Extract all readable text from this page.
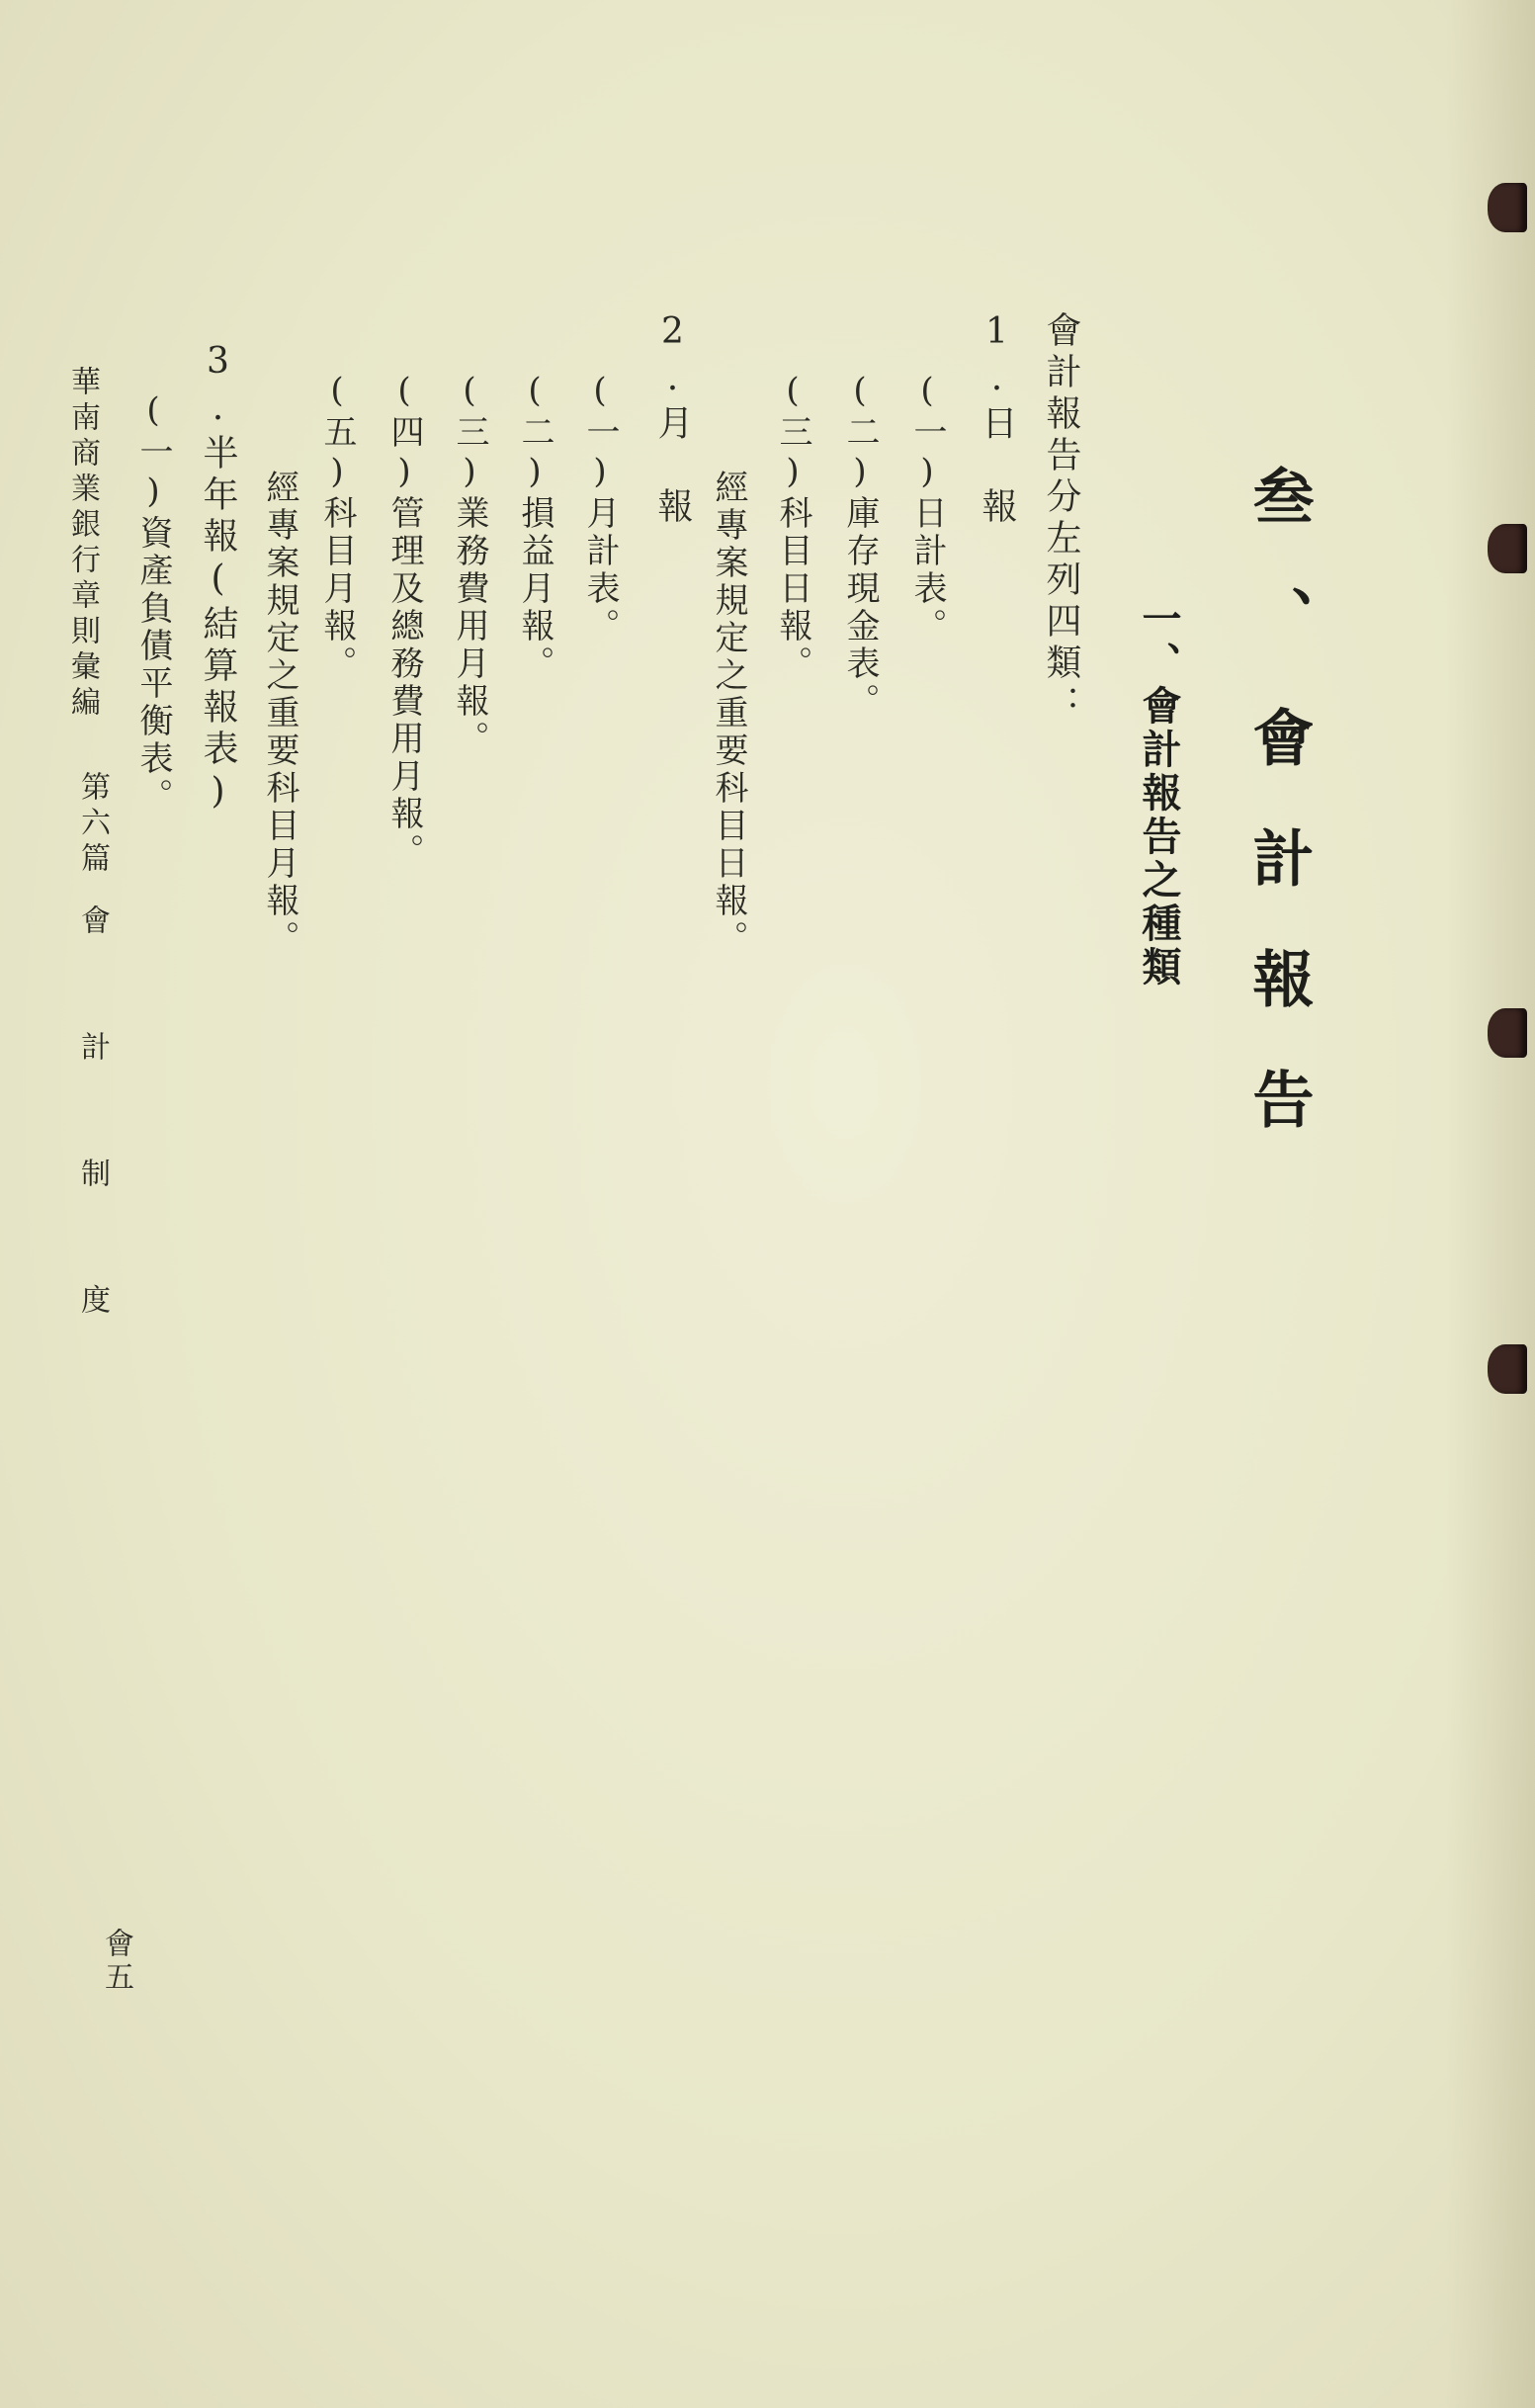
叁、會計報告
一、會計報告之種類
會計報告分左列四類：
1.日　報
(一)日計表。
(二)庫存現金表。
(三)科目日報。
經專案規定之重要科目日報。
2.月　報
(一)月計表。
(二)損益月報。
(三)業務費用月報。
(四)管理及總務費用月報。
(五)科目月報。
經專案規定之重要科目月報。
3.半年報(結算報表)
(一)資產負債平衡表。
華南商業銀行章則彙編
第六篇
會　計　制　度
會五
